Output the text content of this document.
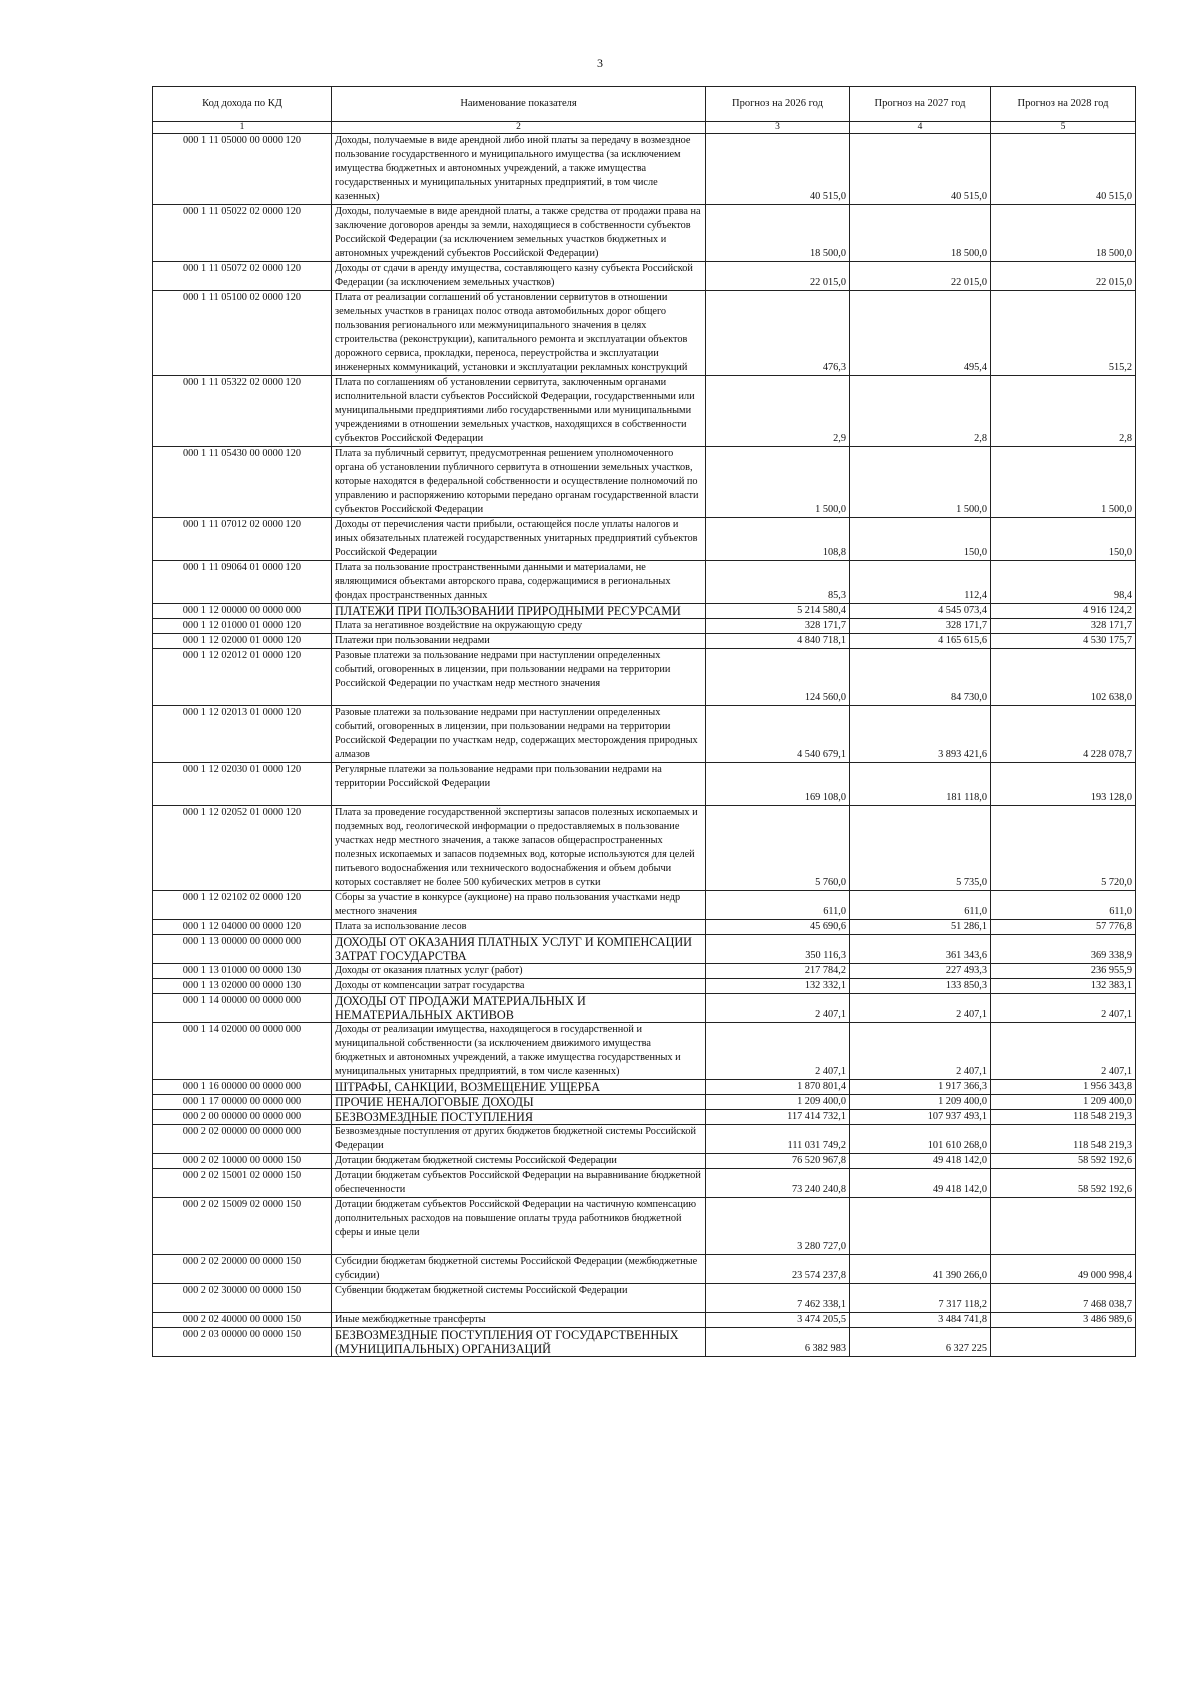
3
Код дохода по КД	Наименование показателя	Прогноз на 2026 год	Прогноз на 2027 год	Прогноз на 2028 год
1	2	3	4	5
000 1 11 05000 00 0000 120	Доходы, получаемые в виде арендной либо иной платы за передачу в возмездное пользование государственного и муниципального имущества (за исключением имущества бюджетных и автономных учреждений, а также имущества государственных и муниципальных унитарных предприятий, в том числе казенных)	40 515,0	40 515,0	40 515,0
000 1 11 05022 02 0000 120	Доходы, получаемые в виде арендной платы, а также средства от продажи права на заключение договоров аренды за земли, находящиеся в собственности субъектов Российской Федерации (за исключением земельных участков бюджетных и автономных учреждений субъектов Российской Федерации)	18 500,0	18 500,0	18 500,0
000 1 11 05072 02 0000 120	Доходы от сдачи в аренду имущества, составляющего казну субъекта Российской Федерации (за исключением земельных участков)	22 015,0	22 015,0	22 015,0
000 1 11 05100 02 0000 120	Плата от реализации соглашений об установлении сервитутов в отношении земельных участков в границах полос отвода автомобильных дорог общего пользования регионального или межмуниципального значения в целях строительства (реконструкции), капитального ремонта и эксплуатации объектов дорожного сервиса, прокладки, переноса, переустройства и эксплуатации инженерных коммуникаций, установки и эксплуатации рекламных конструкций	476,3	495,4	515,2
000 1 11 05322 02 0000 120	Плата по соглашениям об установлении сервитута, заключенным органами исполнительной власти субъектов Российской Федерации, государственными или муниципальными предприятиями либо государственными или муниципальными учреждениями в отношении земельных участков, находящихся в собственности субъектов Российской Федерации	2,9	2,8	2,8
000 1 11 05430 00 0000 120	Плата за публичный сервитут, предусмотренная решением уполномоченного органа об установлении публичного сервитута в отношении земельных участков, которые находятся в федеральной собственности и осуществление полномочий по управлению и распоряжению которыми передано органам государственной власти субъектов Российской Федерации	1 500,0	1 500,0	1 500,0
000 1 11 07012 02 0000 120	Доходы от перечисления части прибыли, остающейся после уплаты налогов и иных обязательных платежей государственных унитарных предприятий субъектов Российской Федерации	108,8	150,0	150,0
000 1 11 09064 01 0000 120	Плата за пользование пространственными данными и материалами, не являющимися объектами авторского права, содержащимися в региональных фондах пространственных данных	85,3	112,4	98,4
000 1 12 00000 00 0000 000	ПЛАТЕЖИ ПРИ ПОЛЬЗОВАНИИ ПРИРОДНЫМИ РЕСУРСАМИ	5 214 580,4	4 545 073,4	4 916 124,2
000 1 12 01000 01 0000 120	Плата за негативное воздействие на окружающую среду	328 171,7	328 171,7	328 171,7
000 1 12 02000 01 0000 120	Платежи при пользовании недрами	4 840 718,1	4 165 615,6	4 530 175,7
000 1 12 02012 01 0000 120	Разовые платежи за пользование недрами при наступлении определенных событий, оговоренных в лицензии, при пользовании недрами на территории Российской Федерации по участкам недр местного значения	124 560,0	84 730,0	102 638,0
000 1 12 02013 01 0000 120	Разовые платежи за пользование недрами при наступлении определенных событий, оговоренных в лицензии, при пользовании недрами на территории Российской Федерации по участкам недр, содержащих месторождения природных алмазов	4 540 679,1	3 893 421,6	4 228 078,7
000 1 12 02030 01 0000 120	Регулярные платежи за пользование недрами при пользовании недрами на территории Российской Федерации	169 108,0	181 118,0	193 128,0
000 1 12 02052 01 0000 120	Плата за проведение государственной экспертизы запасов полезных ископаемых и подземных вод, геологической информации о предоставляемых в пользование участках недр местного значения, а также запасов общераспространенных полезных ископаемых и запасов подземных вод, которые используются для целей питьевого водоснабжения или технического водоснабжения и объем добычи которых составляет не более 500 кубических метров в сутки	5 760,0	5 735,0	5 720,0
000 1 12 02102 02 0000 120	Сборы за участие в конкурсе (аукционе) на право пользования участками недр местного значения	611,0	611,0	611,0
000 1 12 04000 00 0000 120	Плата за использование лесов	45 690,6	51 286,1	57 776,8
000 1 13 00000 00 0000 000	ДОХОДЫ ОТ ОКАЗАНИЯ ПЛАТНЫХ УСЛУГ И КОМПЕНСАЦИИ ЗАТРАТ ГОСУДАРСТВА	350 116,3	361 343,6	369 338,9
000 1 13 01000 00 0000 130	Доходы от оказания платных услуг (работ)	217 784,2	227 493,3	236 955,9
000 1 13 02000 00 0000 130	Доходы от компенсации затрат государства	132 332,1	133 850,3	132 383,1
000 1 14 00000 00 0000 000	ДОХОДЫ ОТ ПРОДАЖИ МАТЕРИАЛЬНЫХ И НЕМАТЕРИАЛЬНЫХ АКТИВОВ	2 407,1	2 407,1	2 407,1
000 1 14 02000 00 0000 000	Доходы от реализации имущества, находящегося в государственной и муниципальной собственности (за исключением движимого имущества бюджетных и автономных учреждений, а также имущества государственных и муниципальных унитарных предприятий, в том числе казенных)	2 407,1	2 407,1	2 407,1
000 1 16 00000 00 0000 000	ШТРАФЫ, САНКЦИИ, ВОЗМЕЩЕНИЕ УЩЕРБА	1 870 801,4	1 917 366,3	1 956 343,8
000 1 17 00000 00 0000 000	ПРОЧИЕ НЕНАЛОГОВЫЕ ДОХОДЫ	1 209 400,0	1 209 400,0	1 209 400,0
000 2 00 00000 00 0000 000	БЕЗВОЗМЕЗДНЫЕ ПОСТУПЛЕНИЯ	117 414 732,1	107 937 493,1	118 548 219,3
000 2 02 00000 00 0000 000	Безвозмездные поступления от других бюджетов бюджетной системы Российской Федерации	111 031 749,2	101 610 268,0	118 548 219,3
000 2 02 10000 00 0000 150	Дотации бюджетам бюджетной системы Российской Федерации	76 520 967,8	49 418 142,0	58 592 192,6
000 2 02 15001 02 0000 150	Дотации бюджетам субъектов Российской Федерации на выравнивание бюджетной обеспеченности	73 240 240,8	49 418 142,0	58 592 192,6
000 2 02 15009 02 0000 150	Дотации бюджетам субъектов Российской Федерации на частичную компенсацию дополнительных расходов на повышение оплаты труда работников бюджетной сферы и иные цели	3 280 727,0		
000 2 02 20000 00 0000 150	Субсидии бюджетам бюджетной системы Российской Федерации (межбюджетные субсидии)	23 574 237,8	41 390 266,0	49 000 998,4
000 2 02 30000 00 0000 150	Субвенции бюджетам бюджетной системы Российской Федерации	7 462 338,1	7 317 118,2	7 468 038,7
000 2 02 40000 00 0000 150	Иные межбюджетные трансферты	3 474 205,5	3 484 741,8	3 486 989,6
000 2 03 00000 00 0000 150	БЕЗВОЗМЕЗДНЫЕ ПОСТУПЛЕНИЯ ОТ ГОСУДАРСТВЕННЫХ (МУНИЦИПАЛЬНЫХ) ОРГАНИЗАЦИЙ	6 382 983	6 327 225	
